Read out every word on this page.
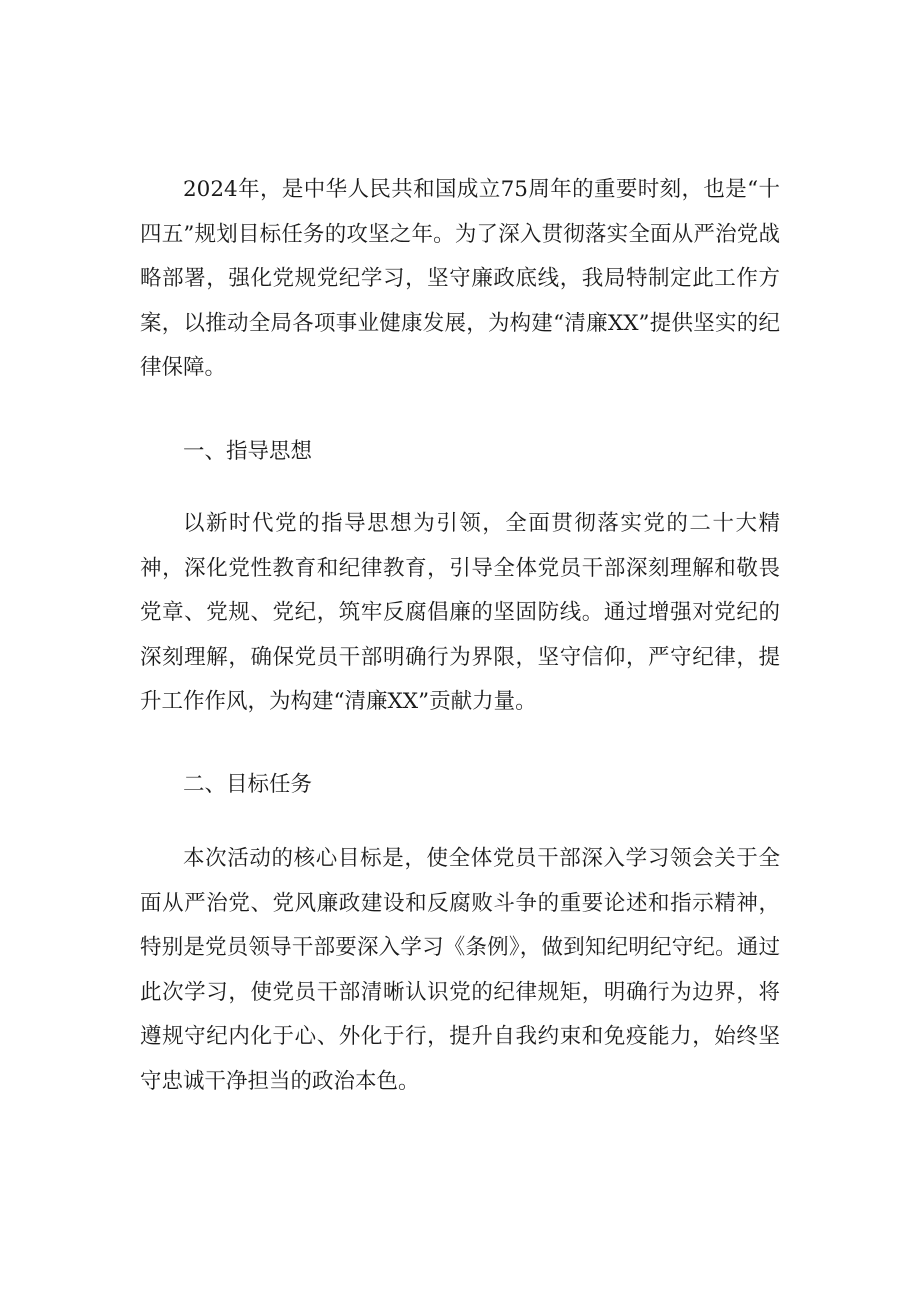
2024年，是中华人民共和国成立75周年的重要时刻，也是“十四五”规划目标任务的攻坚之年。为了深入贯彻落实全面从严治党战略部署，强化党规党纪学习，坚守廉政底线，我局特制定此工作方案，以推动全局各项事业健康发展，为构建“清廉XX”提供坚实的纪律保障。

一、指导思想

以新时代党的指导思想为引领，全面贯彻落实党的二十大精神，深化党性教育和纪律教育，引导全体党员干部深刻理解和敬畏党章、党规、党纪，筑牢反腐倡廉的坚固防线。通过增强对党纪的深刻理解，确保党员干部明确行为界限，坚守信仰，严守纪律，提升工作作风，为构建“清廉XX”贡献力量。

二、目标任务

本次活动的核心目标是，使全体党员干部深入学习领会关于全面从严治党、党风廉政建设和反腐败斗争的重要论述和指示精神，特别是党员领导干部要深入学习《条例》，做到知纪明纪守纪。通过此次学习，使党员干部清晰认识党的纪律规矩，明确行为边界，将遵规守纪内化于心、外化于行，提升自我约束和免疫能力，始终坚守忠诚干净担当的政治本色。
